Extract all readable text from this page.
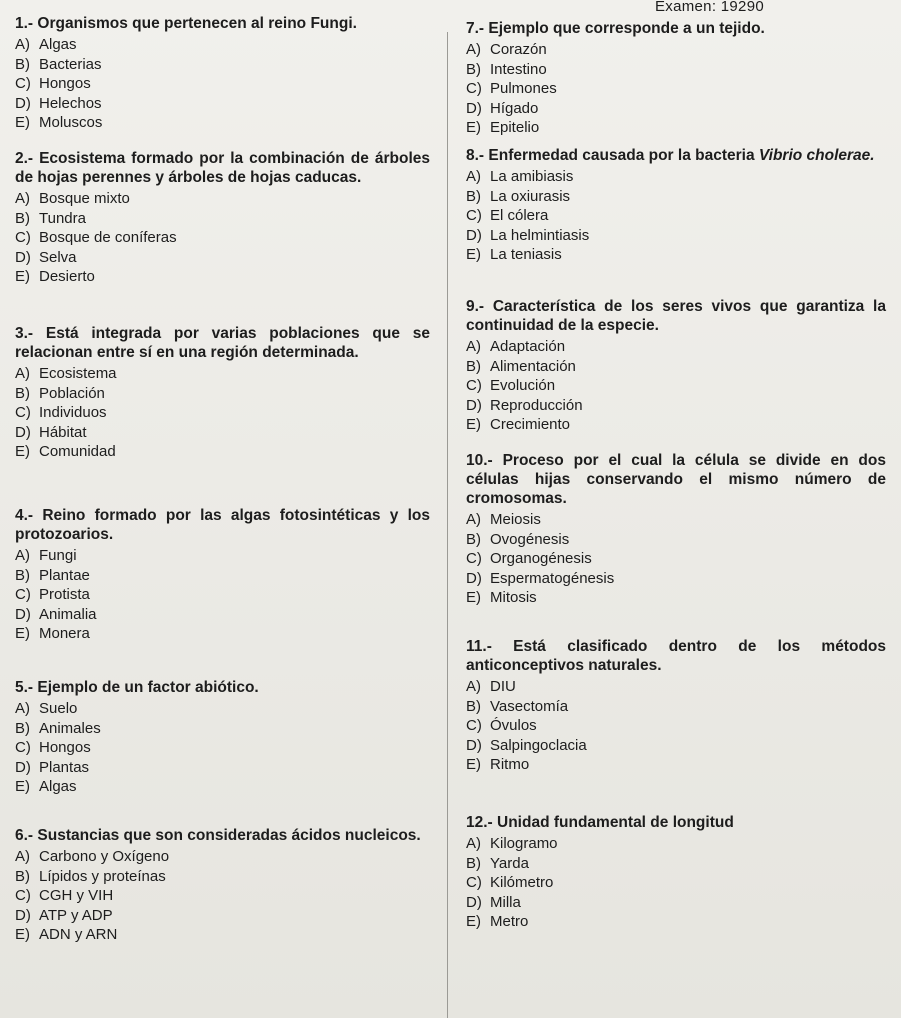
Examen: 19290

1.- Organismos que pertenecen al reino Fungi.

A) Algas

B) Bacterias

C) Hongos

D) Helechos

E) Moluscos

2.- Ecosistema formado por la combinación de árboles de hojas perennes y árboles de hojas caducas.

A) Bosque mixto

B) Tundra

C) Bosque de coníferas

D) Selva

E) Desierto

3.- Está integrada por varias poblaciones que se relacionan entre sí en una región determinada.

A) Ecosistema

B) Población

C) Individuos

D) Hábitat

E) Comunidad

4.- Reino formado por las algas fotosintéticas y los protozoarios.

A) Fungi

B) Plantae

C) Protista

D) Animalia

E) Monera

5.- Ejemplo de un factor abiótico.

A) Suelo

B) Animales

C) Hongos

D) Plantas

E) Algas

6.- Sustancias que son consideradas ácidos nucleicos.

A) Carbono y Oxígeno

B) Lípidos y proteínas

C) CGH y VIH

D) ATP y ADP

E) ADN y ARN

7.- Ejemplo que corresponde a un tejido.

A) Corazón

B) Intestino

C) Pulmones

D) Hígado

E) Epitelio

8.- Enfermedad causada por la bacteria Vibrio cholerae.

A) La amibiasis

B) La oxiurasis

C) El cólera

D) La helmintiasis

E) La teniasis

9.- Característica de los seres vivos que garantiza la continuidad de la especie.

A) Adaptación

B) Alimentación

C) Evolución

D) Reproducción

E) Crecimiento

10.- Proceso por el cual la célula se divide en dos células hijas conservando el mismo número de cromosomas.

A) Meiosis

B) Ovogénesis

C) Organogénesis

D) Espermatogénesis

E) Mitosis

11.- Está clasificado dentro de los métodos anticonceptivos naturales.

A) DIU

B) Vasectomía

C) Óvulos

D) Salpingoclacia

E) Ritmo

12.- Unidad fundamental de longitud

A) Kilogramo

B) Yarda

C) Kilómetro

D) Milla

E) Metro
